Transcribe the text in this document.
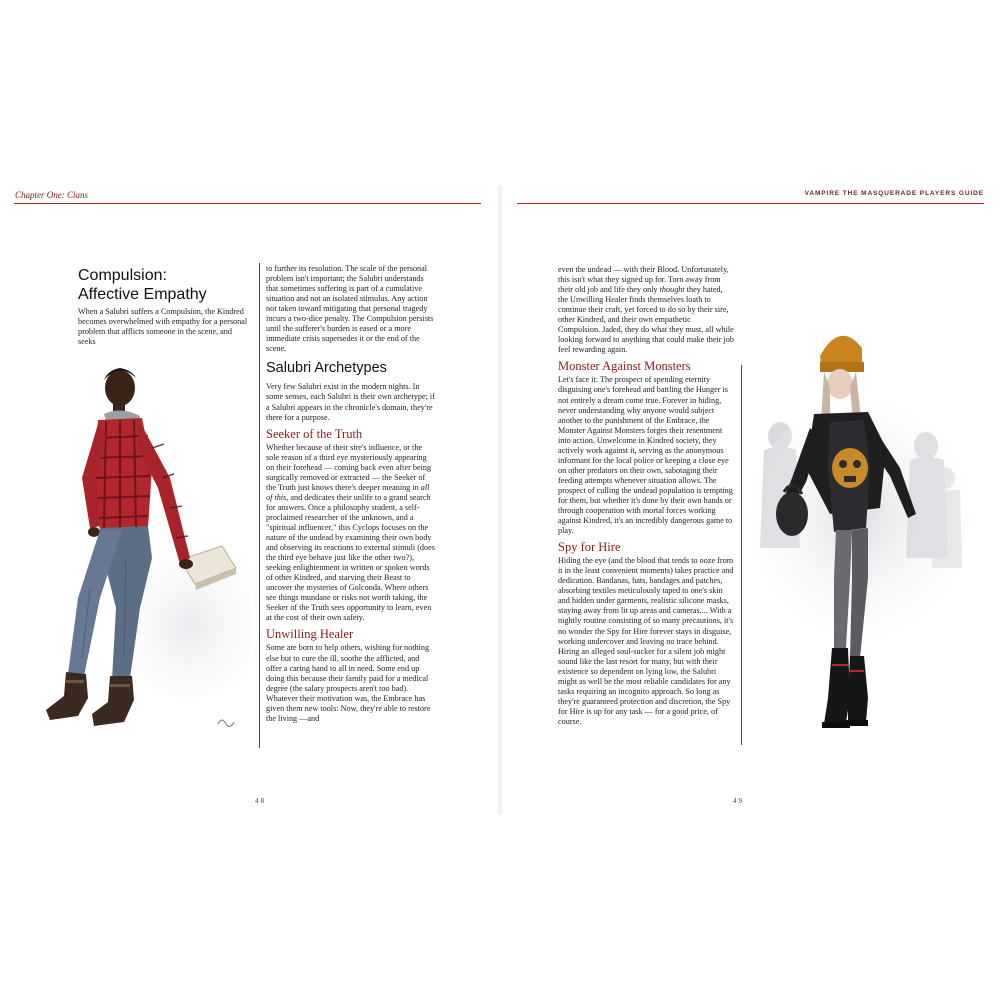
Chapter One: Clans
Compulsion:
Affective Empathy

When a Salubri suffers a Compulsion, the Kindred becomes overwhelmed with empathy for a personal problem that afflicts someone in the scene, and seeks

to further its resolution. The scale of the personal problem isn't important; the Salubri understands that sometimes suffering is part of a cumulative situation and not an isolated stimulus. Any action not taken toward mitigating that personal tragedy incurs a two-dice penalty. The Compulsion persists until the sufferer's burden is eased or a more immediate crisis supersedes it or the end of the scene.

Salubri Archetypes

Very few Salubri exist in the modern nights. In some senses, each Salubri is their own archetype; if a Salubri appears in the chronicle's domain, they're there for a purpose.

Seeker of the Truth

Whether because of their sire's influence, or the sole reason of a third eye mysteriously appearing on their forehead — coming back even after being surgically removed or extracted — the Seeker of the Truth just knows there's deeper meaning in all of this, and dedicates their unlife to a grand search for answers. Once a philosophy student, a self-proclaimed researcher of the unknown, and a "spiritual influencer," this Cyclops focuses on the nature of the undead by examining their own body and observing its reactions to external stimuli (does the third eye behave just like the other two?), seeking enlightenment in written or spoken words of other Kindred, and starving their Beast to uncover the mysteries of Golconda. Where others see things mundane or risks not worth taking, the Seeker of the Truth sees opportunity to learn, even at the cost of their own safety.

Unwilling Healer

Some are born to help others, wishing for nothing else but to cure the ill, soothe the afflicted, and offer a caring hand to all in need. Some end up doing this because their family paid for a medical degree (the salary prospects aren't too bad). Whatever their motivation was, the Embrace has given them new tools: Now, they're able to restore the living —and

48
VAMPIRE THE MASQUERADE PLAYERS GUIDE

even the undead — with their Blood. Unfortunately, this isn't what they signed up for. Torn away from their old job and life they only thought they hated, the Unwilling Healer finds themselves loath to continue their craft, yet forced to do so by their sire, other Kindred, and their own empathetic Compulsion. Jaded, they do what they must, all while looking forward to anything that could make their job feel rewarding again.

Monster Against Monsters

Let's face it: The prospect of spending eternity disguising one's forehead and battling the Hunger is not entirely a dream come true. Forever in hiding, never understanding why anyone would subject another to the punishment of the Embrace, the Monster Against Monsters forges their resentment into action. Unwelcome in Kindred society, they actively work against it, serving as the anonymous informant for the local police or keeping a close eye on other predators on their own, sabotaging their feeding attempts whenever situation allows. The prospect of culling the undead population is tempting for them, but whether it's done by their own hands or through cooperation with mortal forces working against Kindred, it's an incredibly dangerous game to play.

Spy for Hire

Hiding the eye (and the blood that tends to ooze from it in the least convenient moments) takes practice and dedication. Bandanas, hats, bandages and patches, absorbing textiles meticulously taped to one's skin and hidden under garments, realistic silicone masks, staying away from lit up areas and cameras.... With a nightly routine consisting of so many precautions, it's no wonder the Spy for Hire forever stays in disguise, working undercover and leaving no trace behind. Hiring an alleged soul-sucker for a silent job might sound like the last resort for many, but with their existence so dependent on lying low, the Salubri might as well be the most reliable candidates for any tasks requiring an incognito approach. So long as they're guaranteed protection and discretion, the Spy for Hire is up for any task — for a good price, of course.

49
